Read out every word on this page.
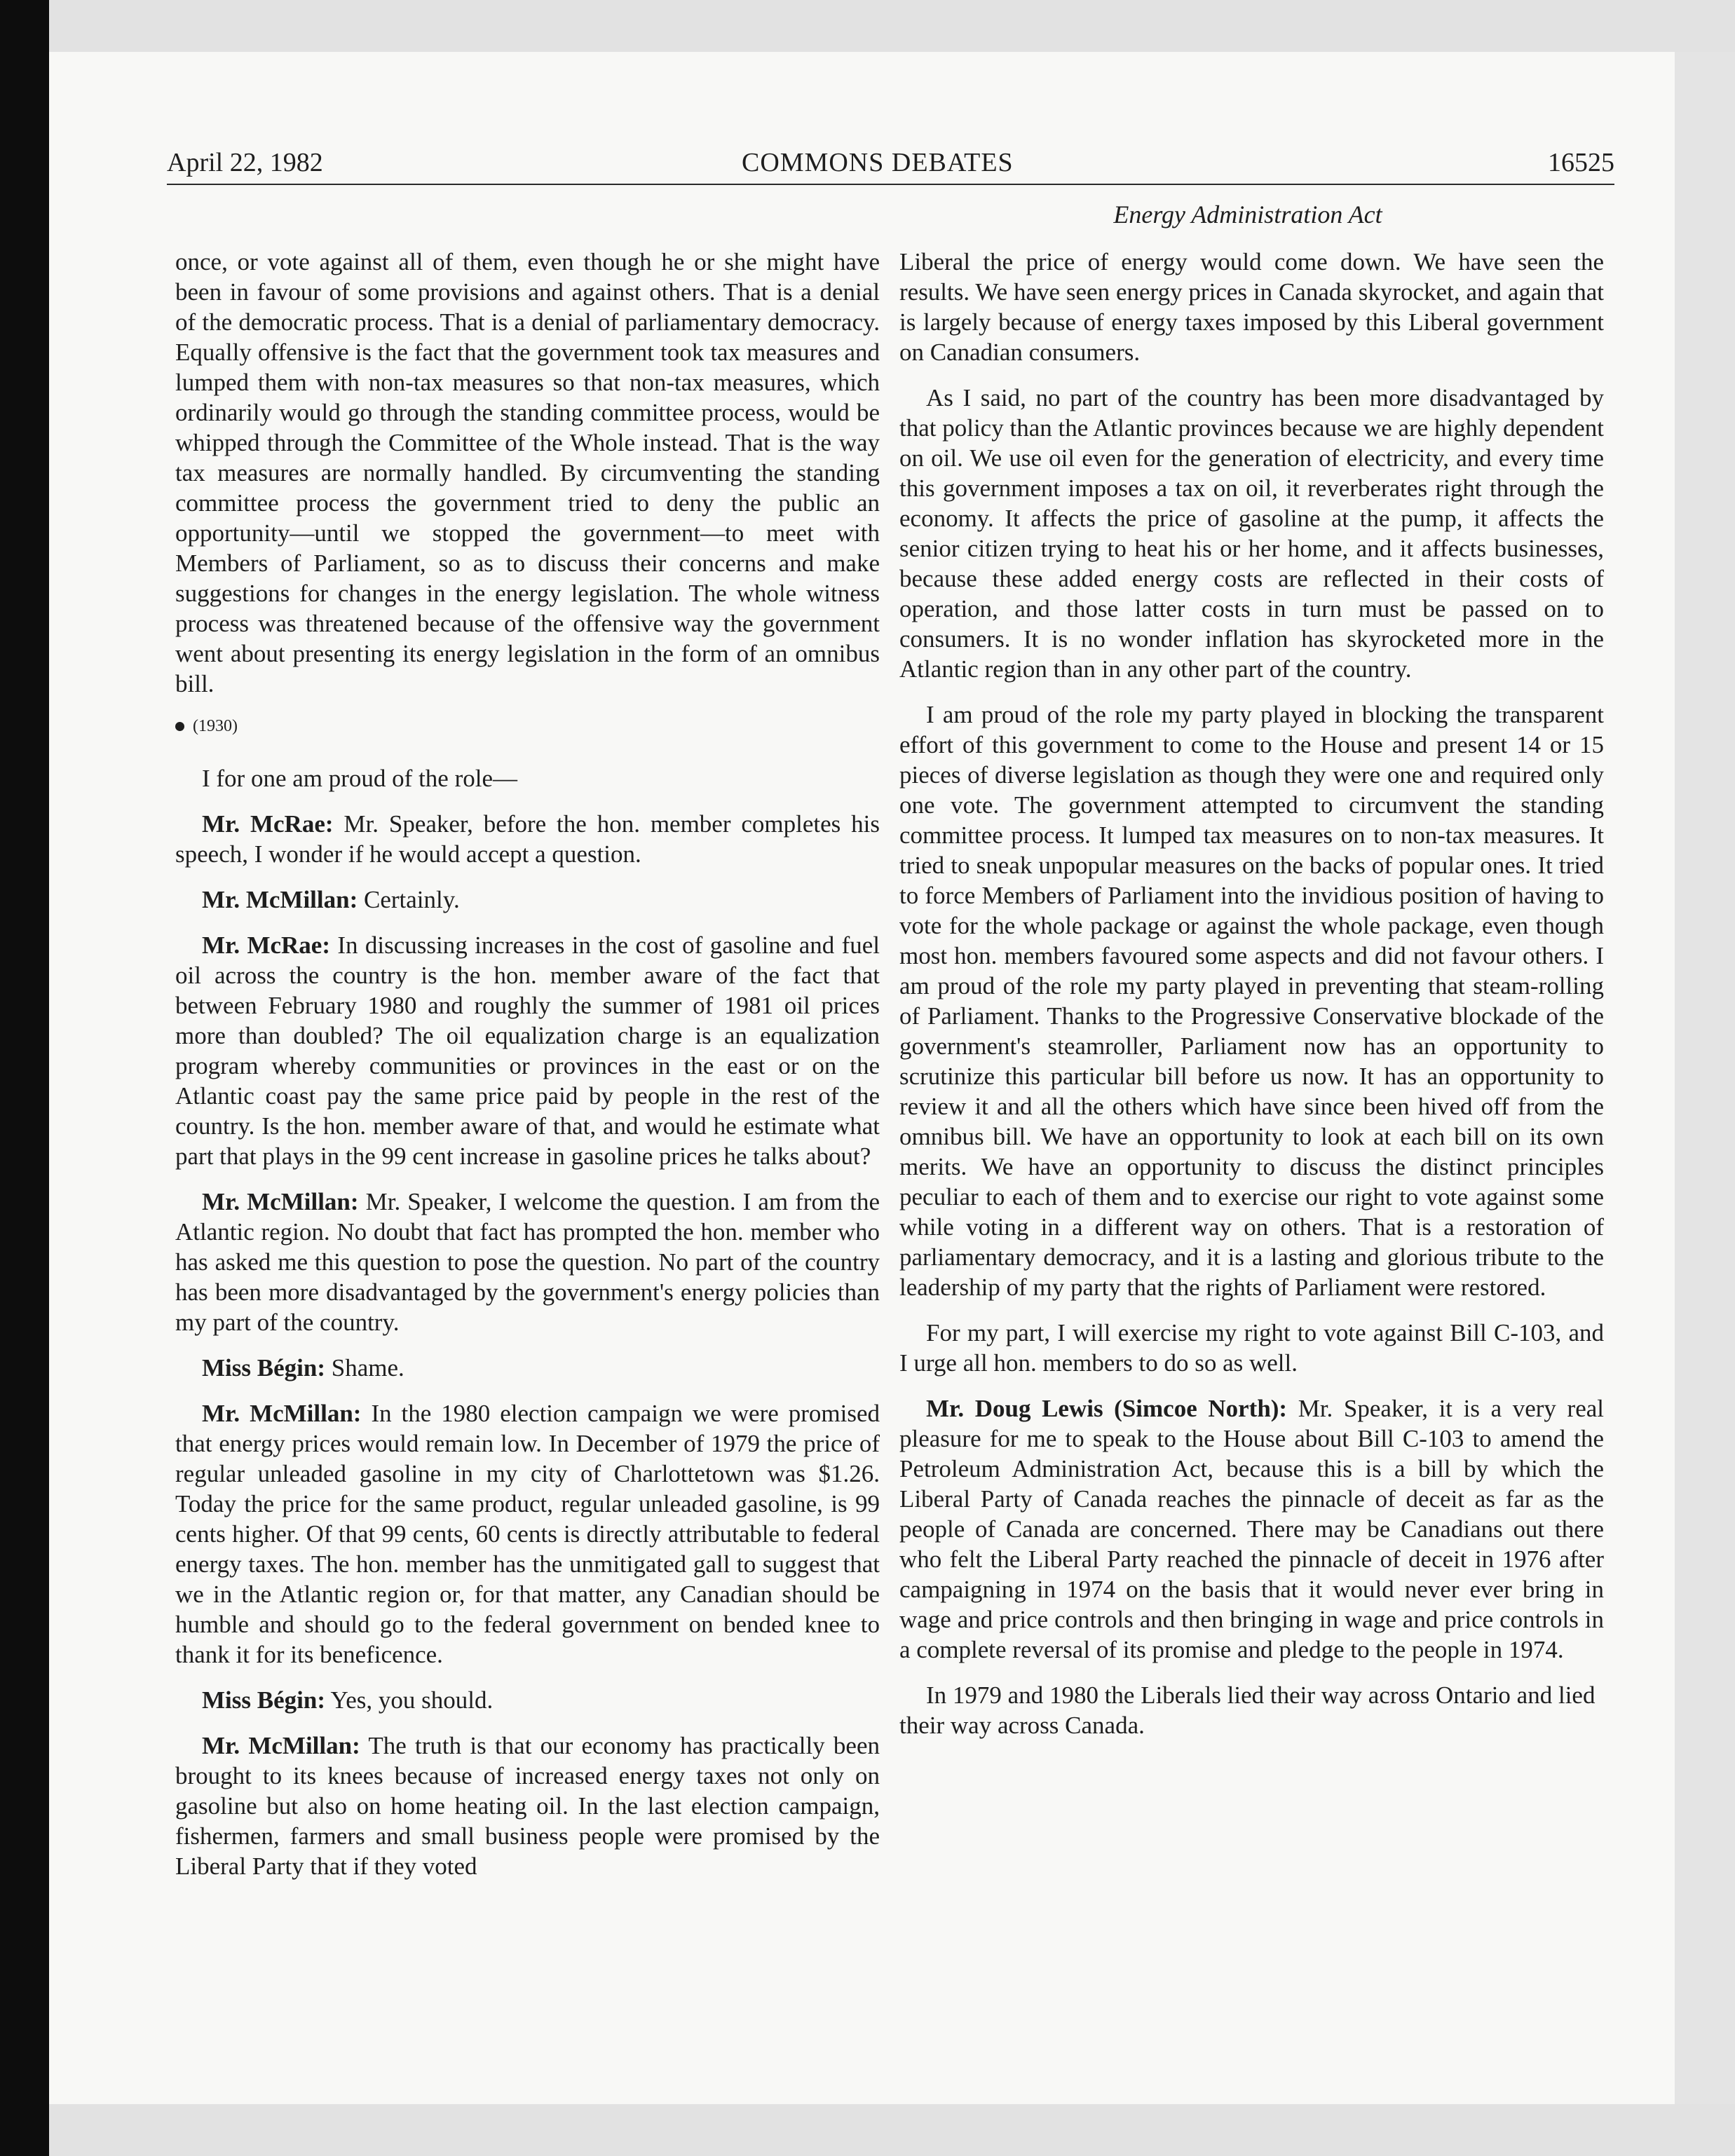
April 22, 1982	COMMONS DEBATES	16525
Energy Administration Act

once, or vote against all of them, even though he or she might have been in favour of some provisions and against others. That is a denial of the democratic process. That is a denial of parliamentary democracy. Equally offensive is the fact that the government took tax measures and lumped them with non-tax measures so that non-tax measures, which ordinarily would go through the standing committee process, would be whipped through the Committee of the Whole instead. That is the way tax measures are normally handled. By circumventing the standing committee process the government tried to deny the public an opportunity—until we stopped the government—to meet with Members of Parliament, so as to discuss their concerns and make suggestions for changes in the energy legislation. The whole witness process was threatened because of the offensive way the government went about presenting its energy legislation in the form of an omnibus bill.

(1930)

I for one am proud of the role—

Mr. McRae: Mr. Speaker, before the hon. member completes his speech, I wonder if he would accept a question.

Mr. McMillan: Certainly.

Mr. McRae: In discussing increases in the cost of gasoline and fuel oil across the country is the hon. member aware of the fact that between February 1980 and roughly the summer of 1981 oil prices more than doubled? The oil equalization charge is an equalization program whereby communities or provinces in the east or on the Atlantic coast pay the same price paid by people in the rest of the country. Is the hon. member aware of that, and would he estimate what part that plays in the 99 cent increase in gasoline prices he talks about?

Mr. McMillan: Mr. Speaker, I welcome the question. I am from the Atlantic region. No doubt that fact has prompted the hon. member who has asked me this question to pose the question. No part of the country has been more disadvantaged by the government's energy policies than my part of the country.

Miss Bégin: Shame.

Mr. McMillan: In the 1980 election campaign we were promised that energy prices would remain low. In December of 1979 the price of regular unleaded gasoline in my city of Charlottetown was $1.26. Today the price for the same product, regular unleaded gasoline, is 99 cents higher. Of that 99 cents, 60 cents is directly attributable to federal energy taxes. The hon. member has the unmitigated gall to suggest that we in the Atlantic region or, for that matter, any Canadian should be humble and should go to the federal government on bended knee to thank it for its beneficence.

Miss Bégin: Yes, you should.

Mr. McMillan: The truth is that our economy has practically been brought to its knees because of increased energy taxes not only on gasoline but also on home heating oil. In the last election campaign, fishermen, farmers and small business people were promised by the Liberal Party that if they voted

Liberal the price of energy would come down. We have seen the results. We have seen energy prices in Canada skyrocket, and again that is largely because of energy taxes imposed by this Liberal government on Canadian consumers.

As I said, no part of the country has been more disadvantaged by that policy than the Atlantic provinces because we are highly dependent on oil. We use oil even for the generation of electricity, and every time this government imposes a tax on oil, it reverberates right through the economy. It affects the price of gasoline at the pump, it affects the senior citizen trying to heat his or her home, and it affects businesses, because these added energy costs are reflected in their costs of operation, and those latter costs in turn must be passed on to consumers. It is no wonder inflation has skyrocketed more in the Atlantic region than in any other part of the country.

I am proud of the role my party played in blocking the transparent effort of this government to come to the House and present 14 or 15 pieces of diverse legislation as though they were one and required only one vote. The government attempted to circumvent the standing committee process. It lumped tax measures on to non-tax measures. It tried to sneak unpopular measures on the backs of popular ones. It tried to force Members of Parliament into the invidious position of having to vote for the whole package or against the whole package, even though most hon. members favoured some aspects and did not favour others. I am proud of the role my party played in preventing that steam-rolling of Parliament. Thanks to the Progressive Conservative blockade of the government's steamroller, Parliament now has an opportunity to scrutinize this particular bill before us now. It has an opportunity to review it and all the others which have since been hived off from the omnibus bill. We have an opportunity to look at each bill on its own merits. We have an opportunity to discuss the distinct principles peculiar to each of them and to exercise our right to vote against some while voting in a different way on others. That is a restoration of parliamentary democracy, and it is a lasting and glorious tribute to the leadership of my party that the rights of Parliament were restored.

For my part, I will exercise my right to vote against Bill C-103, and I urge all hon. members to do so as well.

Mr. Doug Lewis (Simcoe North): Mr. Speaker, it is a very real pleasure for me to speak to the House about Bill C-103 to amend the Petroleum Administration Act, because this is a bill by which the Liberal Party of Canada reaches the pinnacle of deceit as far as the people of Canada are concerned. There may be Canadians out there who felt the Liberal Party reached the pinnacle of deceit in 1976 after campaigning in 1974 on the basis that it would never ever bring in wage and price controls and then bringing in wage and price controls in a complete reversal of its promise and pledge to the people in 1974.

In 1979 and 1980 the Liberals lied their way across Ontario and lied their way across Canada.
